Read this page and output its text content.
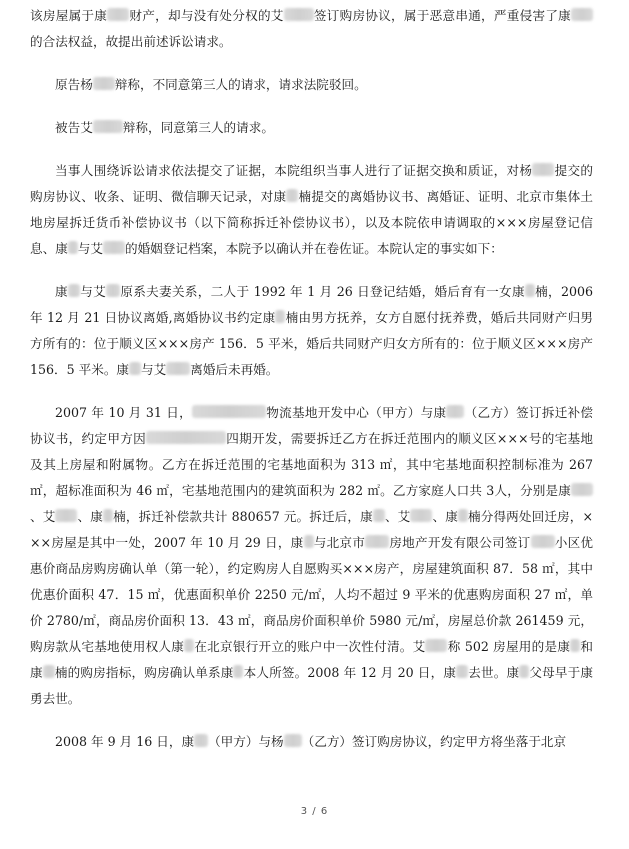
该房屋属于康 财产，却与没有处分权的艾 签订购房协议，属于恶意串通，严重侵害了康的合法权益，故提出前述诉讼请求。

原告杨 辩称，不同意第三人的请求，请求法院驳回。

被告艾 辩称，同意第三人的请求。

当事人围绕诉讼请求依法提交了证据，本院组织当事人进行了证据交换和质证，对杨 提交的购房协议、收条、证明、微信聊天记录，对康 楠提交的离婚协议书、离婚证、证明、北京市集体土地房屋拆迁货币补偿协议书（以下简称拆迁补偿协议书），以及本院依申请调取的×××房屋登记信息、康 与艾 的婚姻登记档案，本院予以确认并在卷佐证。本院认定的事实如下：

康 与艾 原系夫妻关系，二人于 1992 年 1 月 26 日登记结婚，婚后育有一女康 楠，2006 年 12 月 21 日协议离婚,离婚协议书约定康 楠由男方抚养，女方自愿付抚养费，婚后共同财产归男方所有的：位于顺义区×××房产 156．5 平米，婚后共同财产归女方所有的：位于顺义区×××房产 156．5 平米。康 与艾 离婚后未再婚。

2007 年 10 月 31 日，	物流基地开发中心（甲方）与康 （乙方）签订拆迁补偿协议书，约定甲方因	四期开发，需要拆迁乙方在拆迁范围内的顺义区×××号的宅基地及其上房屋和附属物。乙方在拆迁范围的宅基地面积为 313 ㎡，其中宅基地面积控制标准为 267 ㎡，超标准面积为 46 ㎡，宅基地范围内的建筑面积为 282 ㎡。乙方家庭人口共 3人，分别是康、艾 、康 楠，拆迁补偿款共计 880657 元。拆迁后，康 、艾 、康 楠分得两处回迁房，×××房屋是其中一处，2007 年 10 月 29 日，康 与北京市 房地产开发有限公司签订 小区优惠价商品房购房确认单（第一轮），约定购房人自愿购买×××房产，房屋建筑面积 87．58 ㎡，其中优惠价面积 47．15 ㎡，优惠面积单价 2250 元/㎡，人均不超过 9 平米的优惠购房面积 27 ㎡，单价 2780/㎡，商品房价面积 13．43 ㎡，商品房价面积单价 5980 元/㎡，房屋总价款 261459 元，购房款从宅基地使用权人康 在北京银行开立的账户中一次性付清。艾 称 502 房屋用的是康 和康 楠的购房指标，购房确认单系康 本人所签。2008 年 12 月 20 日，康 去世。康 父母早于康勇去世。

2008 年 9 月 16 日，康 （甲方）与杨 （乙方）签订购房协议，约定甲方将坐落于北京

3 / 6
